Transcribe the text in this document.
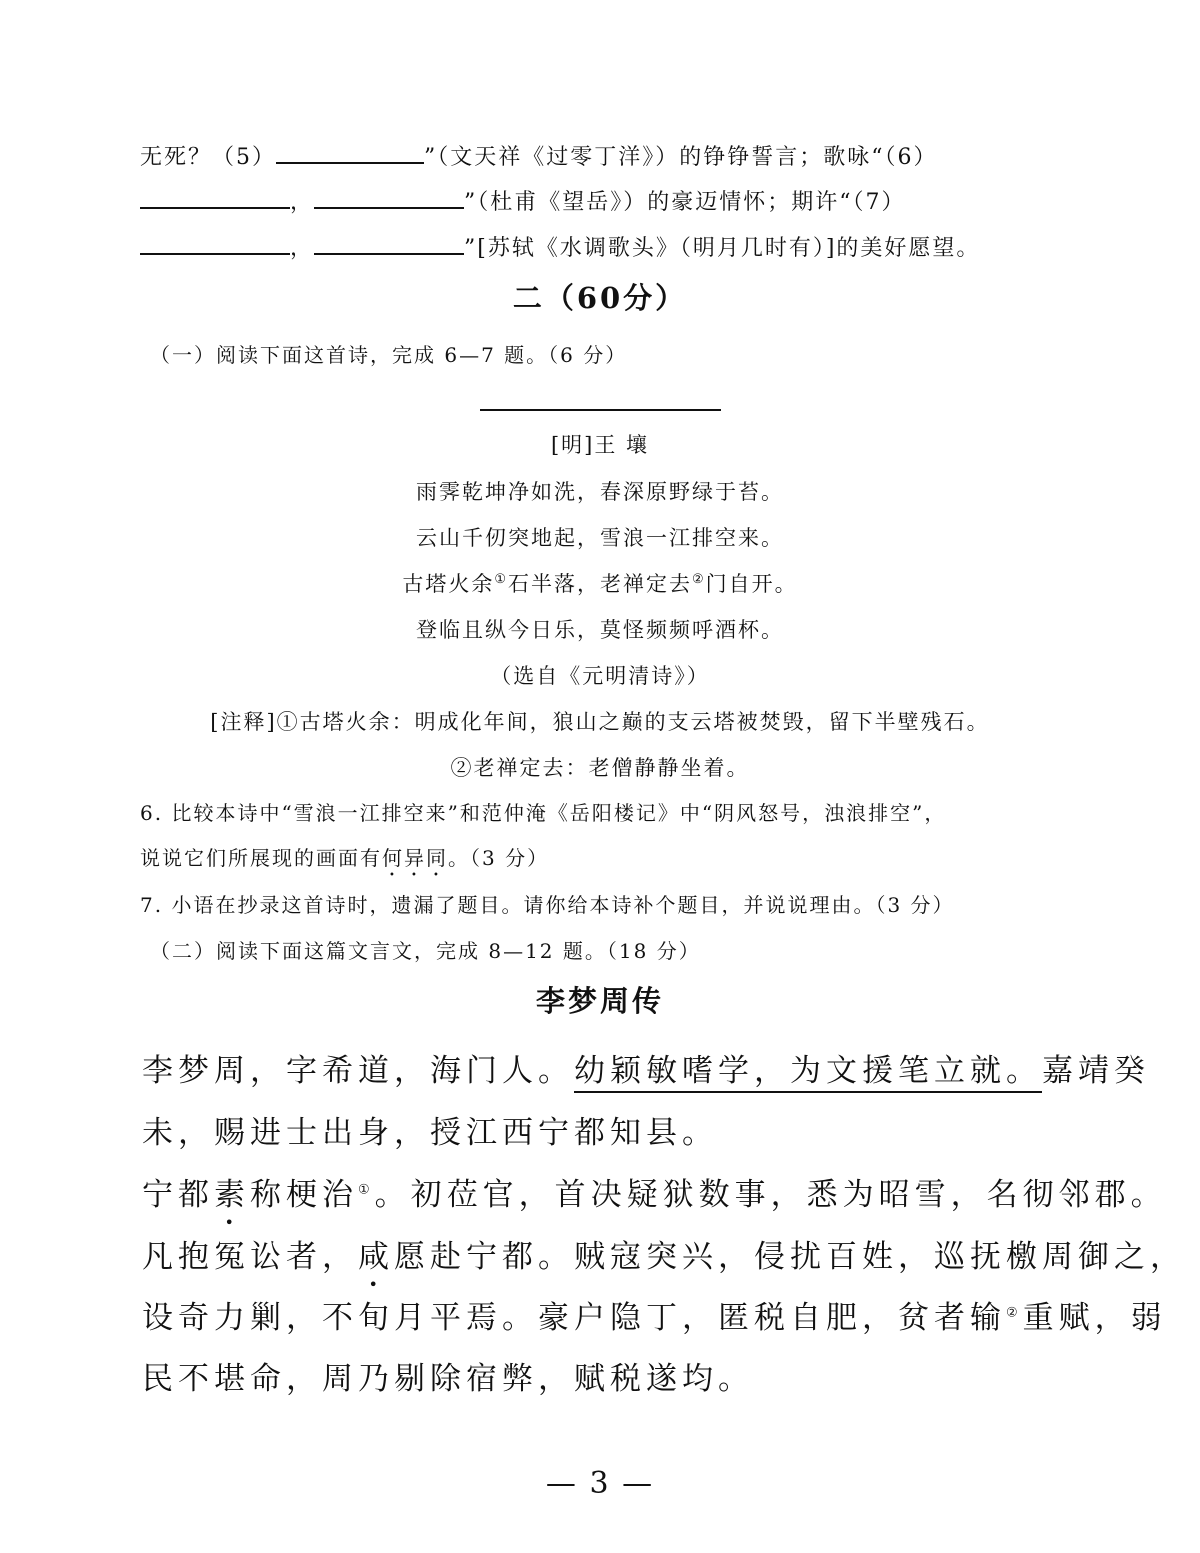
无死？（5）	”（文天祥《过零丁洋》）的铮铮誓言；歌咏“（6）
，	”（杜甫《望岳》）的豪迈情怀；期许“（7）
，	”[苏轼《水调歌头》（明月几时有）]的美好愿望。
二（60分）
（一）阅读下面这首诗，完成 6—7 题。（6 分）
[明]王 壤
雨霁乾坤净如洗，春深原野绿于苔。
云山千仞突地起，雪浪一江排空来。
古塔火余①石半落，老禅定去②门自开。
登临且纵今日乐，莫怪频频呼酒杯。
（选自《元明清诗》）
[注释]①古塔火余：明成化年间，狼山之巅的支云塔被焚毁，留下半壁残石。
②老禅定去：老僧静静坐着。
6. 比较本诗中“雪浪一江排空来”和范仲淹《岳阳楼记》中“阴风怒号，浊浪排空”，
说说它们所展现的画面有何异同。（3 分）
7. 小语在抄录这首诗时，遗漏了题目。请你给本诗补个题目，并说说理由。（3 分）
（二）阅读下面这篇文言文，完成 8—12 题。（18 分）
李梦周传
李梦周，字希道，海门人。幼颖敏嗜学，为文援笔立就。嘉靖癸
未，赐进士出身，授江西宁都知县。
宁都素称梗治①。初莅官，首决疑狱数事，悉为昭雪，名彻邻郡。
凡抱冤讼者，咸愿赴宁都。贼寇突兴，侵扰百姓，巡抚檄周御之，
设奇力剿，不旬月平焉。豪户隐丁，匿税自肥，贫者输②重赋，弱
民不堪命，周乃剔除宿弊，赋税遂均。
— 3 —
